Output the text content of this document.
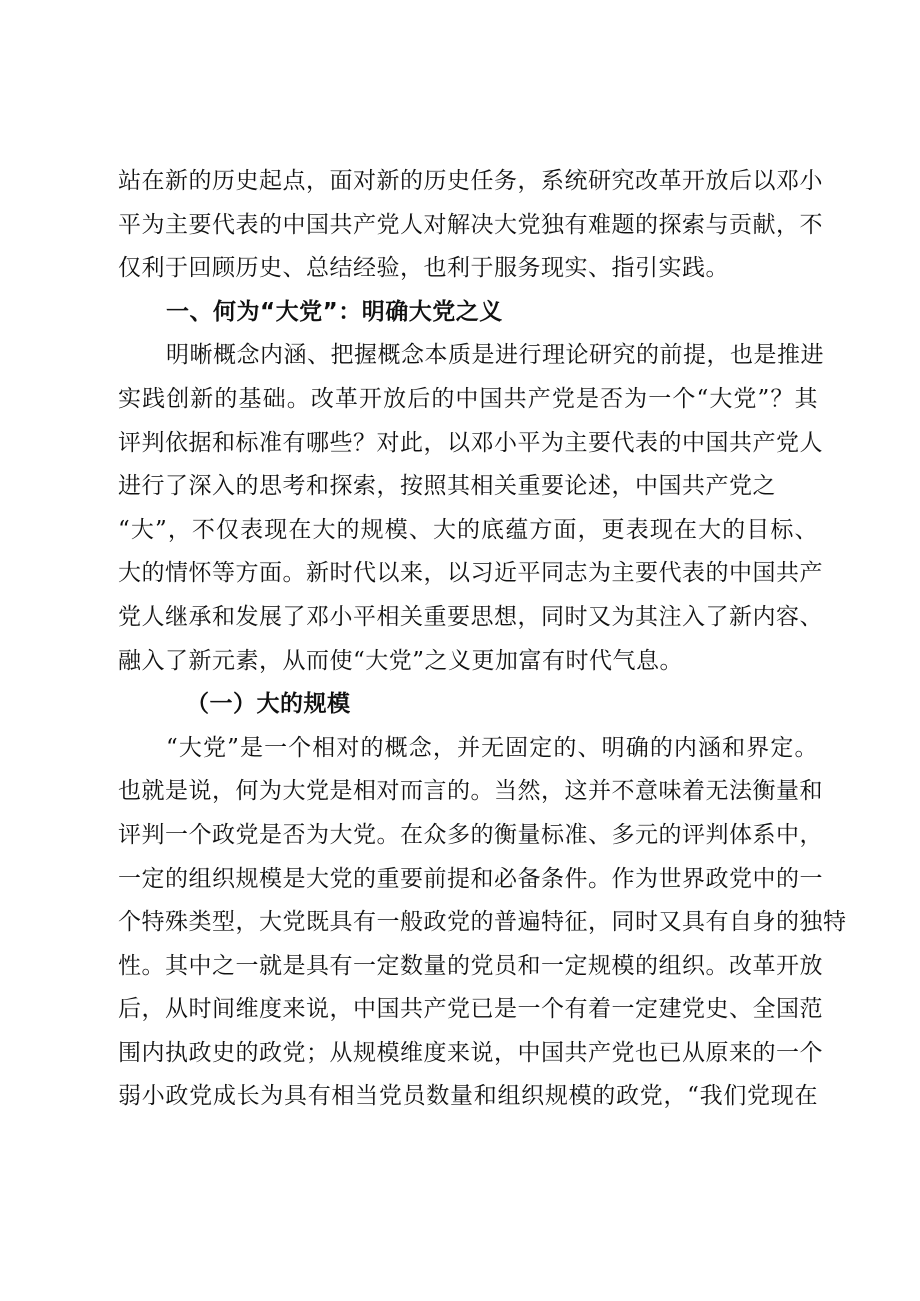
站在新的历史起点，面对新的历史任务，系统研究改革开放后以邓小
平为主要代表的中国共产党人对解决大党独有难题的探索与贡献，不
仅利于回顾历史、总结经验，也利于服务现实、指引实践。
一、何为“大党”：明确大党之义
明晰概念内涵、把握概念本质是进行理论研究的前提，也是推进
实践创新的基础。改革开放后的中国共产党是否为一个“大党”？其
评判依据和标准有哪些？对此，以邓小平为主要代表的中国共产党人
进行了深入的思考和探索，按照其相关重要论述，中国共产党之
“大”，不仅表现在大的规模、大的底蕴方面，更表现在大的目标、
大的情怀等方面。新时代以来，以习近平同志为主要代表的中国共产
党人继承和发展了邓小平相关重要思想，同时又为其注入了新内容、
融入了新元素，从而使“大党”之义更加富有时代气息。
（一）大的规模
“大党”是一个相对的概念，并无固定的、明确的内涵和界定。
也就是说，何为大党是相对而言的。当然，这并不意味着无法衡量和
评判一个政党是否为大党。在众多的衡量标准、多元的评判体系中，
一定的组织规模是大党的重要前提和必备条件。作为世界政党中的一
个特殊类型，大党既具有一般政党的普遍特征，同时又具有自身的独特
性。其中之一就是具有一定数量的党员和一定规模的组织。改革开放
后，从时间维度来说，中国共产党已是一个有着一定建党史、全国范
围内执政史的政党；从规模维度来说，中国共产党也已从原来的一个
弱小政党成长为具有相当党员数量和组织规模的政党，“我们党现在
